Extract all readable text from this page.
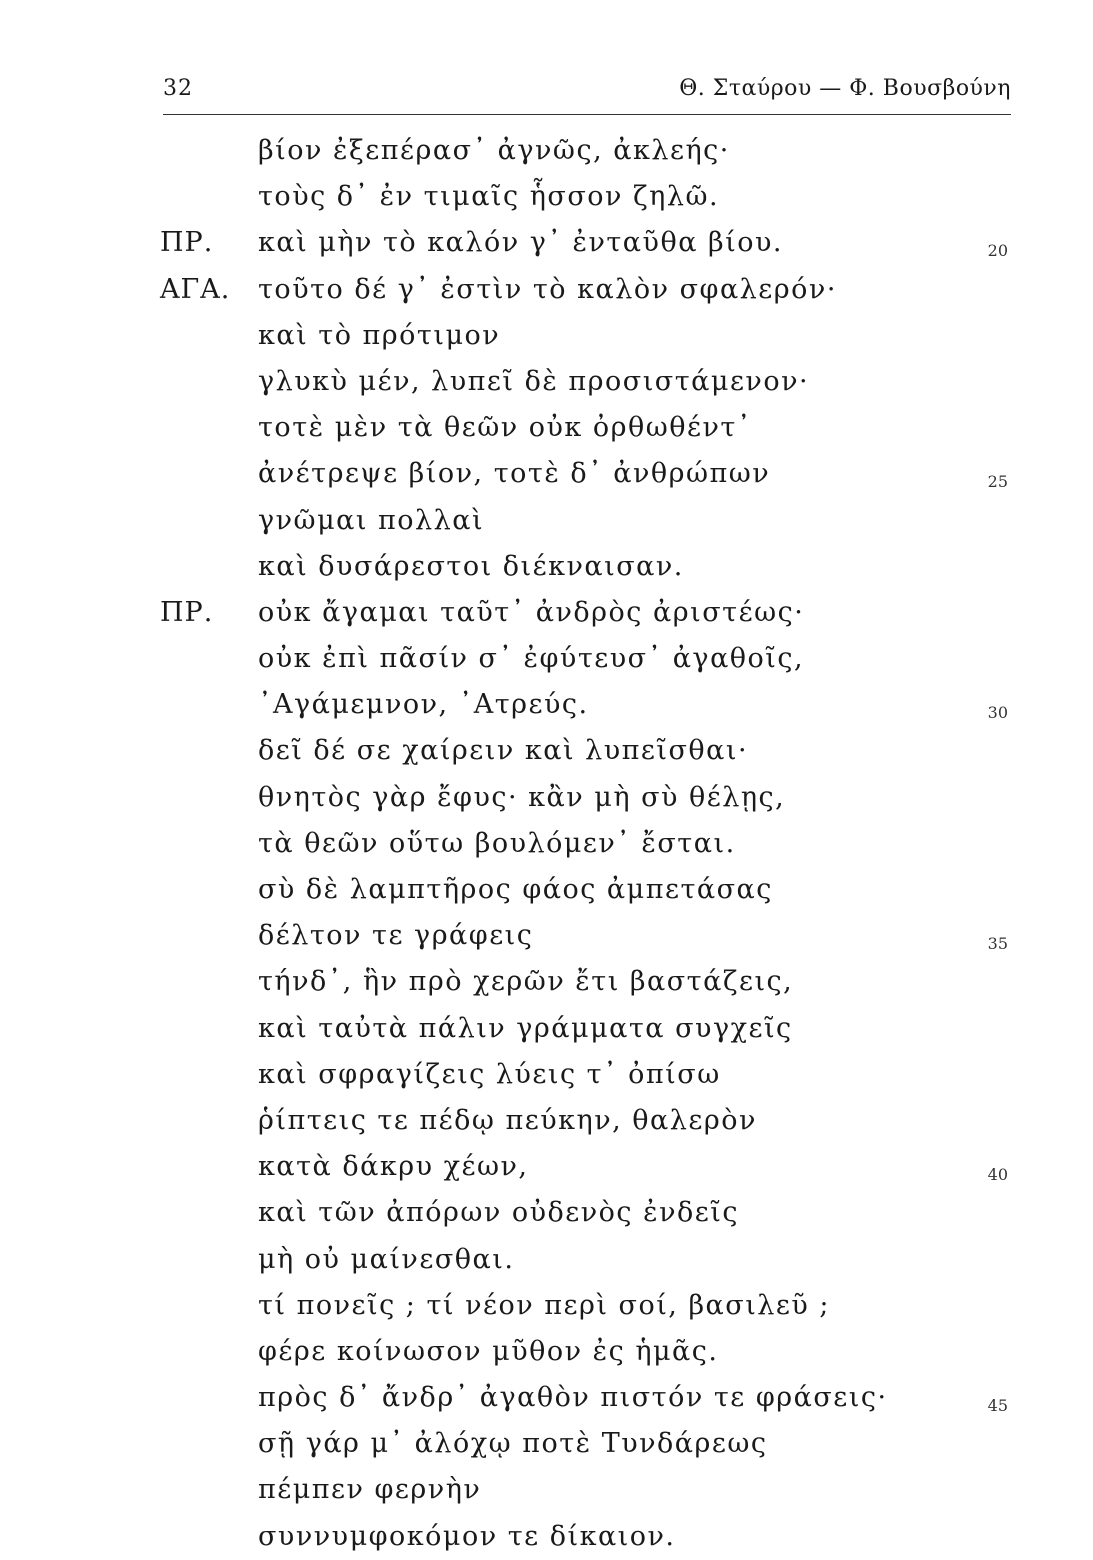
32	Θ. Σταύρου — Φ. Βουσβούνη
βίον ἐξεπέρασ᾽ ἀγνῶς, ἀκλεής·
τοὺς δ᾽ ἐν τιμαῖς ἧσσον ζηλῶ.
ΠΡ. καὶ μὴν τὸ καλόν γ᾽ ἐνταῦθα βίου.	20
ΑΓΑ. τοῦτο δέ γ᾽ ἐστὶν τὸ καλὸν σφαλερόν·
καὶ τὸ πρότιμον
γλυκὺ μέν, λυπεῖ δὲ προσιστάμενον·
τοτὲ μὲν τὰ θεῶν οὐκ ὀρθωθέντ᾽
ἀνέτρεψε βίον, τοτὲ δ᾽ ἀνθρώπων	25
γνῶμαι πολλαὶ
καὶ δυσάρεστοι διέκναισαν.
ΠΡ. οὐκ ἄγαμαι ταῦτ᾽ ἀνδρὸς ἀριστέως·
οὐκ ἐπὶ πᾶσίν σ᾽ ἐφύτευσ᾽ ἀγαθοῖς,
᾽Αγάμεμνον, ᾽Ατρεύς.	30
δεῖ δέ σε χαίρειν καὶ λυπεῖσθαι·
θνητὸς γὰρ ἔφυς· κἂν μὴ σὺ θέλῃς,
τὰ θεῶν οὕτω βουλόμεν᾽ ἔσται.
σὺ δὲ λαμπτῆρος φάος ἀμπετάσας
δέλτον τε γράφεις	35
τήνδ᾽, ἣν πρὸ χερῶν ἔτι βαστάζεις,
καὶ ταὐτὰ πάλιν γράμματα συγχεῖς
καὶ σφραγίζεις λύεις τ᾽ ὀπίσω
ῥίπτεις τε πέδῳ πεύκην, θαλερὸν
κατὰ δάκρυ χέων,	40
καὶ τῶν ἀπόρων οὐδενὸς ἐνδεῖς
μὴ οὐ μαίνεσθαι.
τί πονεῖς ; τί νέον περὶ σοί, βασιλεῦ ;
φέρε κοίνωσον μῦθον ἐς ἡμᾶς.
πρὸς δ᾽ ἄνδρ᾽ ἀγαθὸν πιστόν τε φράσεις·	45
σῇ γάρ μ᾽ ἀλόχῳ ποτὲ Τυνδάρεως
πέμπεν φερνὴν
συννυμφοκόμον τε δίκαιον.
